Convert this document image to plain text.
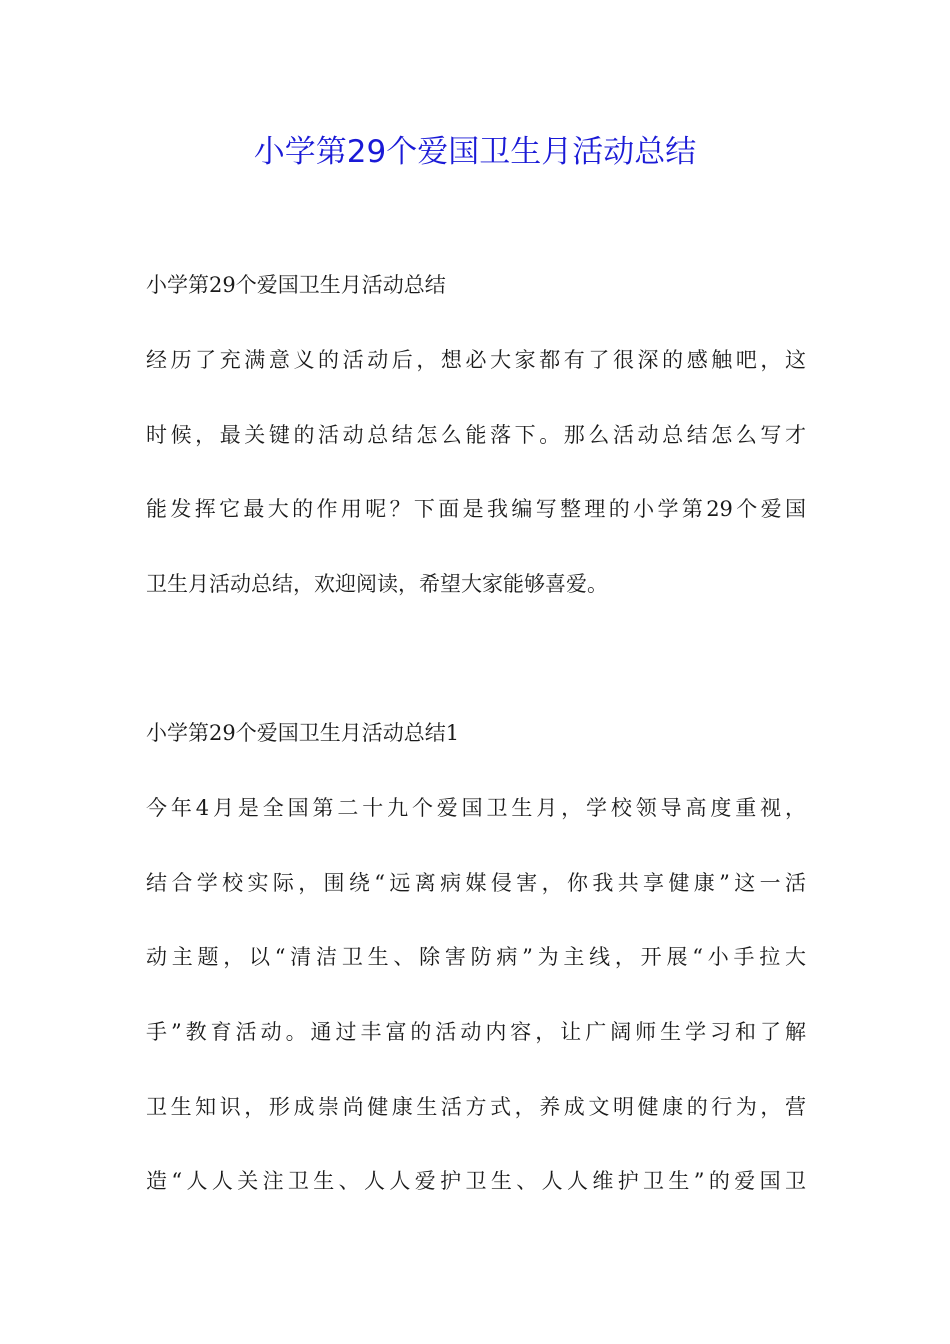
小学第29个爱国卫生月活动总结

小学第29个爱国卫生月活动总结

经历了充满意义的活动后，想必大家都有了很深的感触吧，这

时候，最关键的活动总结怎么能落下。那么活动总结怎么写才

能发挥它最大的作用呢？下面是我编写整理的小学第29个爱国

卫生月活动总结，欢迎阅读，希望大家能够喜爱。

小学第29个爱国卫生月活动总结1

今年4月是全国第二十九个爱国卫生月，学校领导高度重视，

结合学校实际，围绕“远离病媒侵害，你我共享健康”这一活

动主题，以“清洁卫生、除害防病”为主线，开展“小手拉大

手”教育活动。通过丰富的活动内容，让广阔师生学习和了解

卫生知识，形成崇尚健康生活方式，养成文明健康的行为，营

造“人人关注卫生、人人爱护卫生、人人维护卫生”的爱国卫
